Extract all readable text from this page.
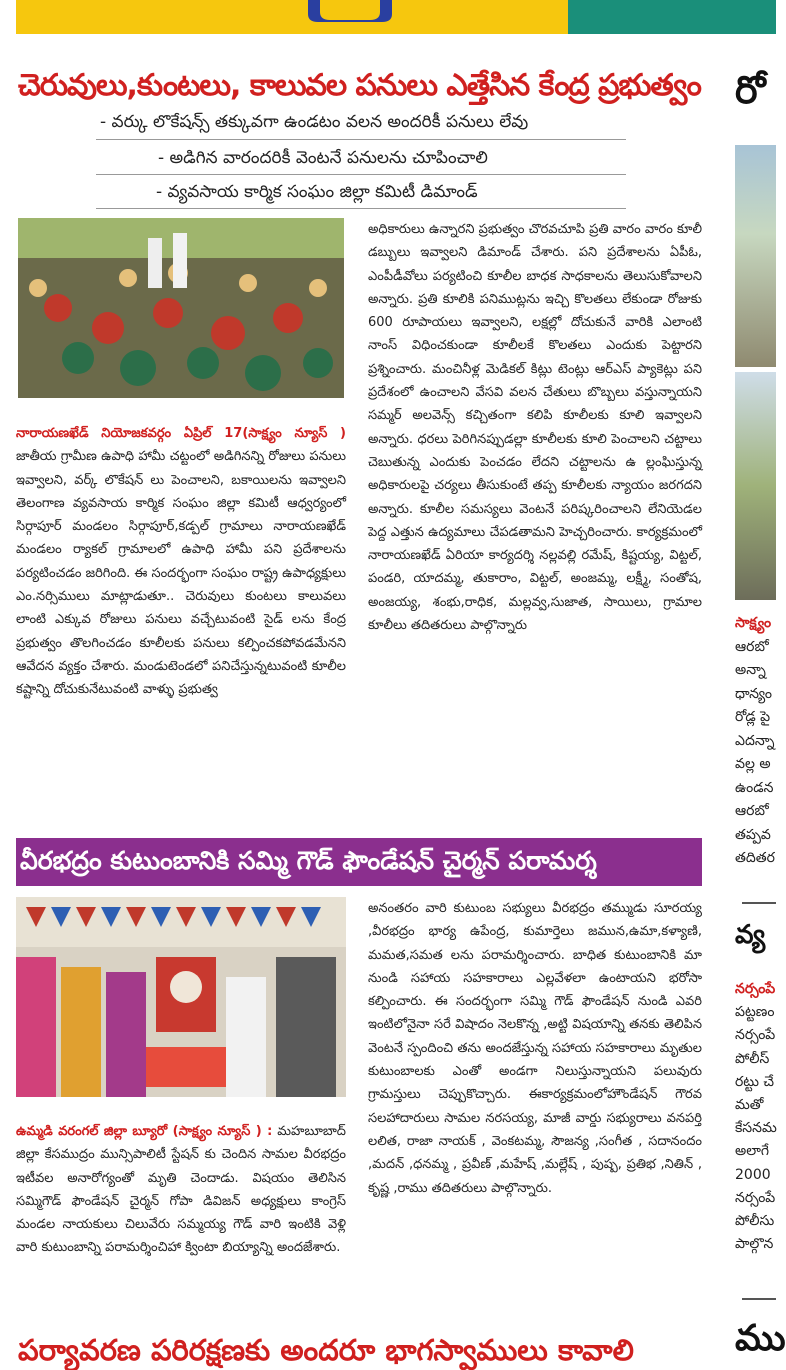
చెరువులు,కుంటలు, కాలువల పనులు ఎత్తేసిన కేంద్ర ప్రభుత్వం
- వర్కు లొకేషన్స్ తక్కువగా ఉండటం వలన అందరికీ పనులు లేవు
- అడిగిన వారందరికీ వెంటనే పనులను చూపించాలి
- వ్యవసాయ కార్మిక సంఘం జిల్లా కమిటీ డిమాండ్
నారాయణఖేడ్ నియోజకవర్గం ఏప్రిల్ 17(సాక్ష్యం న్యూస్ ) జాతీయ గ్రామీణ ఉపాధి హామీ చట్టంలో అడిగినన్ని రోజులు పనులు ఇవ్వాలని, వర్క్ లొకేషన్ లు పెంచాలని, బకాయిలను ఇవ్వాలని తెలంగాణ వ్యవసాయ కార్మిక సంఘం జిల్లా కమిటీ ఆధ్వర్యంలో సిర్గాపూర్ మండలం సిర్గాపూర్,కడ్పల్ గ్రామాలు నారాయణఖేడ్ మండలం ర్యాకల్ గ్రామాలలో ఉపాధి హామీ పని ప్రదేశాలను పర్యటించడం జరిగింది. ఈ సందర్భంగా సంఘం రాష్ట్ర ఉపాధ్యక్షులు ఎం.నర్సిములు మాట్లాడుతూ.. చెరువులు కుంటలు కాలువలు లాంటి ఎక్కువ రోజులు పనులు వచ్చేటువంటి సైడ్ లను కేంద్ర ప్రభుత్వం తొలగించడం కూలీలకు పనులు కల్పించకపోవడమేనని ఆవేదన వ్యక్తం చేశారు. మండుటెండలో పనిచేస్తున్నటువంటి కూలీల కష్టాన్ని దోచుకునేటువంటి వాళ్ళు ప్రభుత్వ
అధికారులు ఉన్నారని ప్రభుత్వం చొరవచూపి ప్రతి వారం వారం కూలీ డబ్బులు ఇవ్వాలని డిమాండ్ చేశారు. పని ప్రదేశాలను ఏపీఓ, ఎంపీడీవోలు పర్యటించి కూలీల బాధక సాధకాలను తెలుసుకోవాలని అన్నారు. ప్రతి కూలికి పనిముట్లను ఇచ్చి కొలతలు లేకుండా రోజుకు 600 రూపాయలు ఇవ్వాలని, లక్షల్లో దోచుకునే వారికి ఎలాంటి నాంస్ విధించకుండా కూలీలకే కొలతలు ఎందుకు పెట్టారని ప్రశ్నించారు. మంచినీళ్ల మెడికల్ కిట్లు టెంట్లు ఆర్ఎస్ ప్యాకెట్లు పని ప్రదేశంలో ఉంచాలని వేసవి వలన చేతులు బొబ్బలు వస్తున్నాయని సమ్మర్ అలవెన్స్ కచ్చితంగా కలిపి కూలీలకు కూలి ఇవ్వాలని అన్నారు. ధరలు పెరిగినప్పుడల్లా కూలీలకు కూలి పెంచాలని చట్టాలు చెబుతున్న ఎందుకు పెంచడం లేదని చట్టాలను ఉ ల్లంఘిస్తున్న అధికారులపై చర్యలు తీసుకుంటే తప్ప కూలీలకు న్యాయం జరగదని అన్నారు. కూలీల సమస్యలు వెంటనే పరిష్కరించాలని లేనియెడల పెద్ద ఎత్తున ఉద్యమాలు చేపడతామని హెచ్చరించారు. కార్యక్రమంలో నారాయణఖేడ్ ఏరియా కార్యదర్శి నల్లవల్లి రమేష్, కిష్టయ్య, విట్టల్, పండరి, యాదమ్మ, తుకారాం, విట్టల్, అంజమ్మ, లక్ష్మీ, సంతోష, అంజయ్య, శంభు,రాధిక, మల్లవ్వ,సుజాత, సాయిలు, గ్రామాల కూలీలు తదితరులు పాల్గొన్నారు
వీరభద్రం కుటుంబానికి సమ్మి గౌడ్ ఫౌండేషన్ చైర్మన్ పరామర్శ
ఉమ్మడి వరంగల్ జిల్లా బ్యూరో (సాక్ష్యం న్యూస్ ) : మహబూబాద్ జిల్లా కేసముద్రం మున్సిపాలిటీ స్టేషన్ కు చెందిన సామల వీరభద్రం ఇటీవల అనారోగ్యంతో మృతి చెందాడు. విషయం తెలిసిన సమ్మిగౌడ్ ఫౌండేషన్ చైర్మన్ గోపా డివిజన్ అధ్యక్షులు కాంగ్రెస్ మండల నాయకులు చిలువేరు సమ్మయ్య గౌడ్ వారి ఇంటికి వెళ్లి వారి కుటుంబాన్ని పరామర్శించిహా క్వింటా బియ్యాన్ని అందజేశారు.
అనంతరం వారి కుటుంబ సభ్యులు వీరభద్రం తమ్ముడు సూరయ్య ,వీరభద్రం భార్య ఉపేంద్ర, కుమార్తెలు జమున,ఉమా,కళ్యాణి, మమత,సమత లను పరామర్శించారు. బాధిత కుటుంబానికి మా నుండి సహాయ సహకారాలు ఎల్లవేళలా ఉంటాయని భరోసా కల్పించారు. ఈ సందర్భంగా సమ్మి గౌడ్ ఫౌండేషన్ నుండి ఎవరి ఇంటిలోనైనా సరే విషాదం నెలకొన్న ,అట్టి విషయాన్ని తనకు తెలిపిన వెంటనే స్పందించి తను అందజేస్తున్న సహాయ సహకారాలు మృతుల కుటుంబాలకు ఎంతో అండగా నిలుస్తున్నాయని పలువురు గ్రామస్తులు చెప్పుకొచ్చారు. ఈకార్యక్రమంలోహౌండేషన్ గౌరవ సలహాదారులు సామల నరసయ్య, మాజీ వార్డు సభ్యురాలు వనపర్తి లలిత, రాజా నాయక్ , వెంకటమ్మ, సౌజన్య ,సంగీత , సదానందం ,మదన్ ,ధనమ్మ , ప్రవీణ్ ,మహేష్ ,మల్లేష్ , పుష్ప, ప్రతిభ ,నితిన్ , కృష్ణ ,రాము తదితరులు పాల్గొన్నారు.
పర్యావరణ పరిరక్షణకు అందరూ భాగస్వాములు కావాలి
రో
సాక్ష్యం
ఆరబో
అన్నా
ధాన్యం
రోడ్ల పై
ఎదన్నా
వల్ల అ
ఉండన
ఆరబో
తప్పవ
తదితర
వ్య
నర్సంపే
పట్టణం
నర్సంపే
పోలీస్
రట్టు చే
మతో
కేసనమ
అలాగే
2000
నర్సంపే
పోలీసు
పాల్గొన
ము
